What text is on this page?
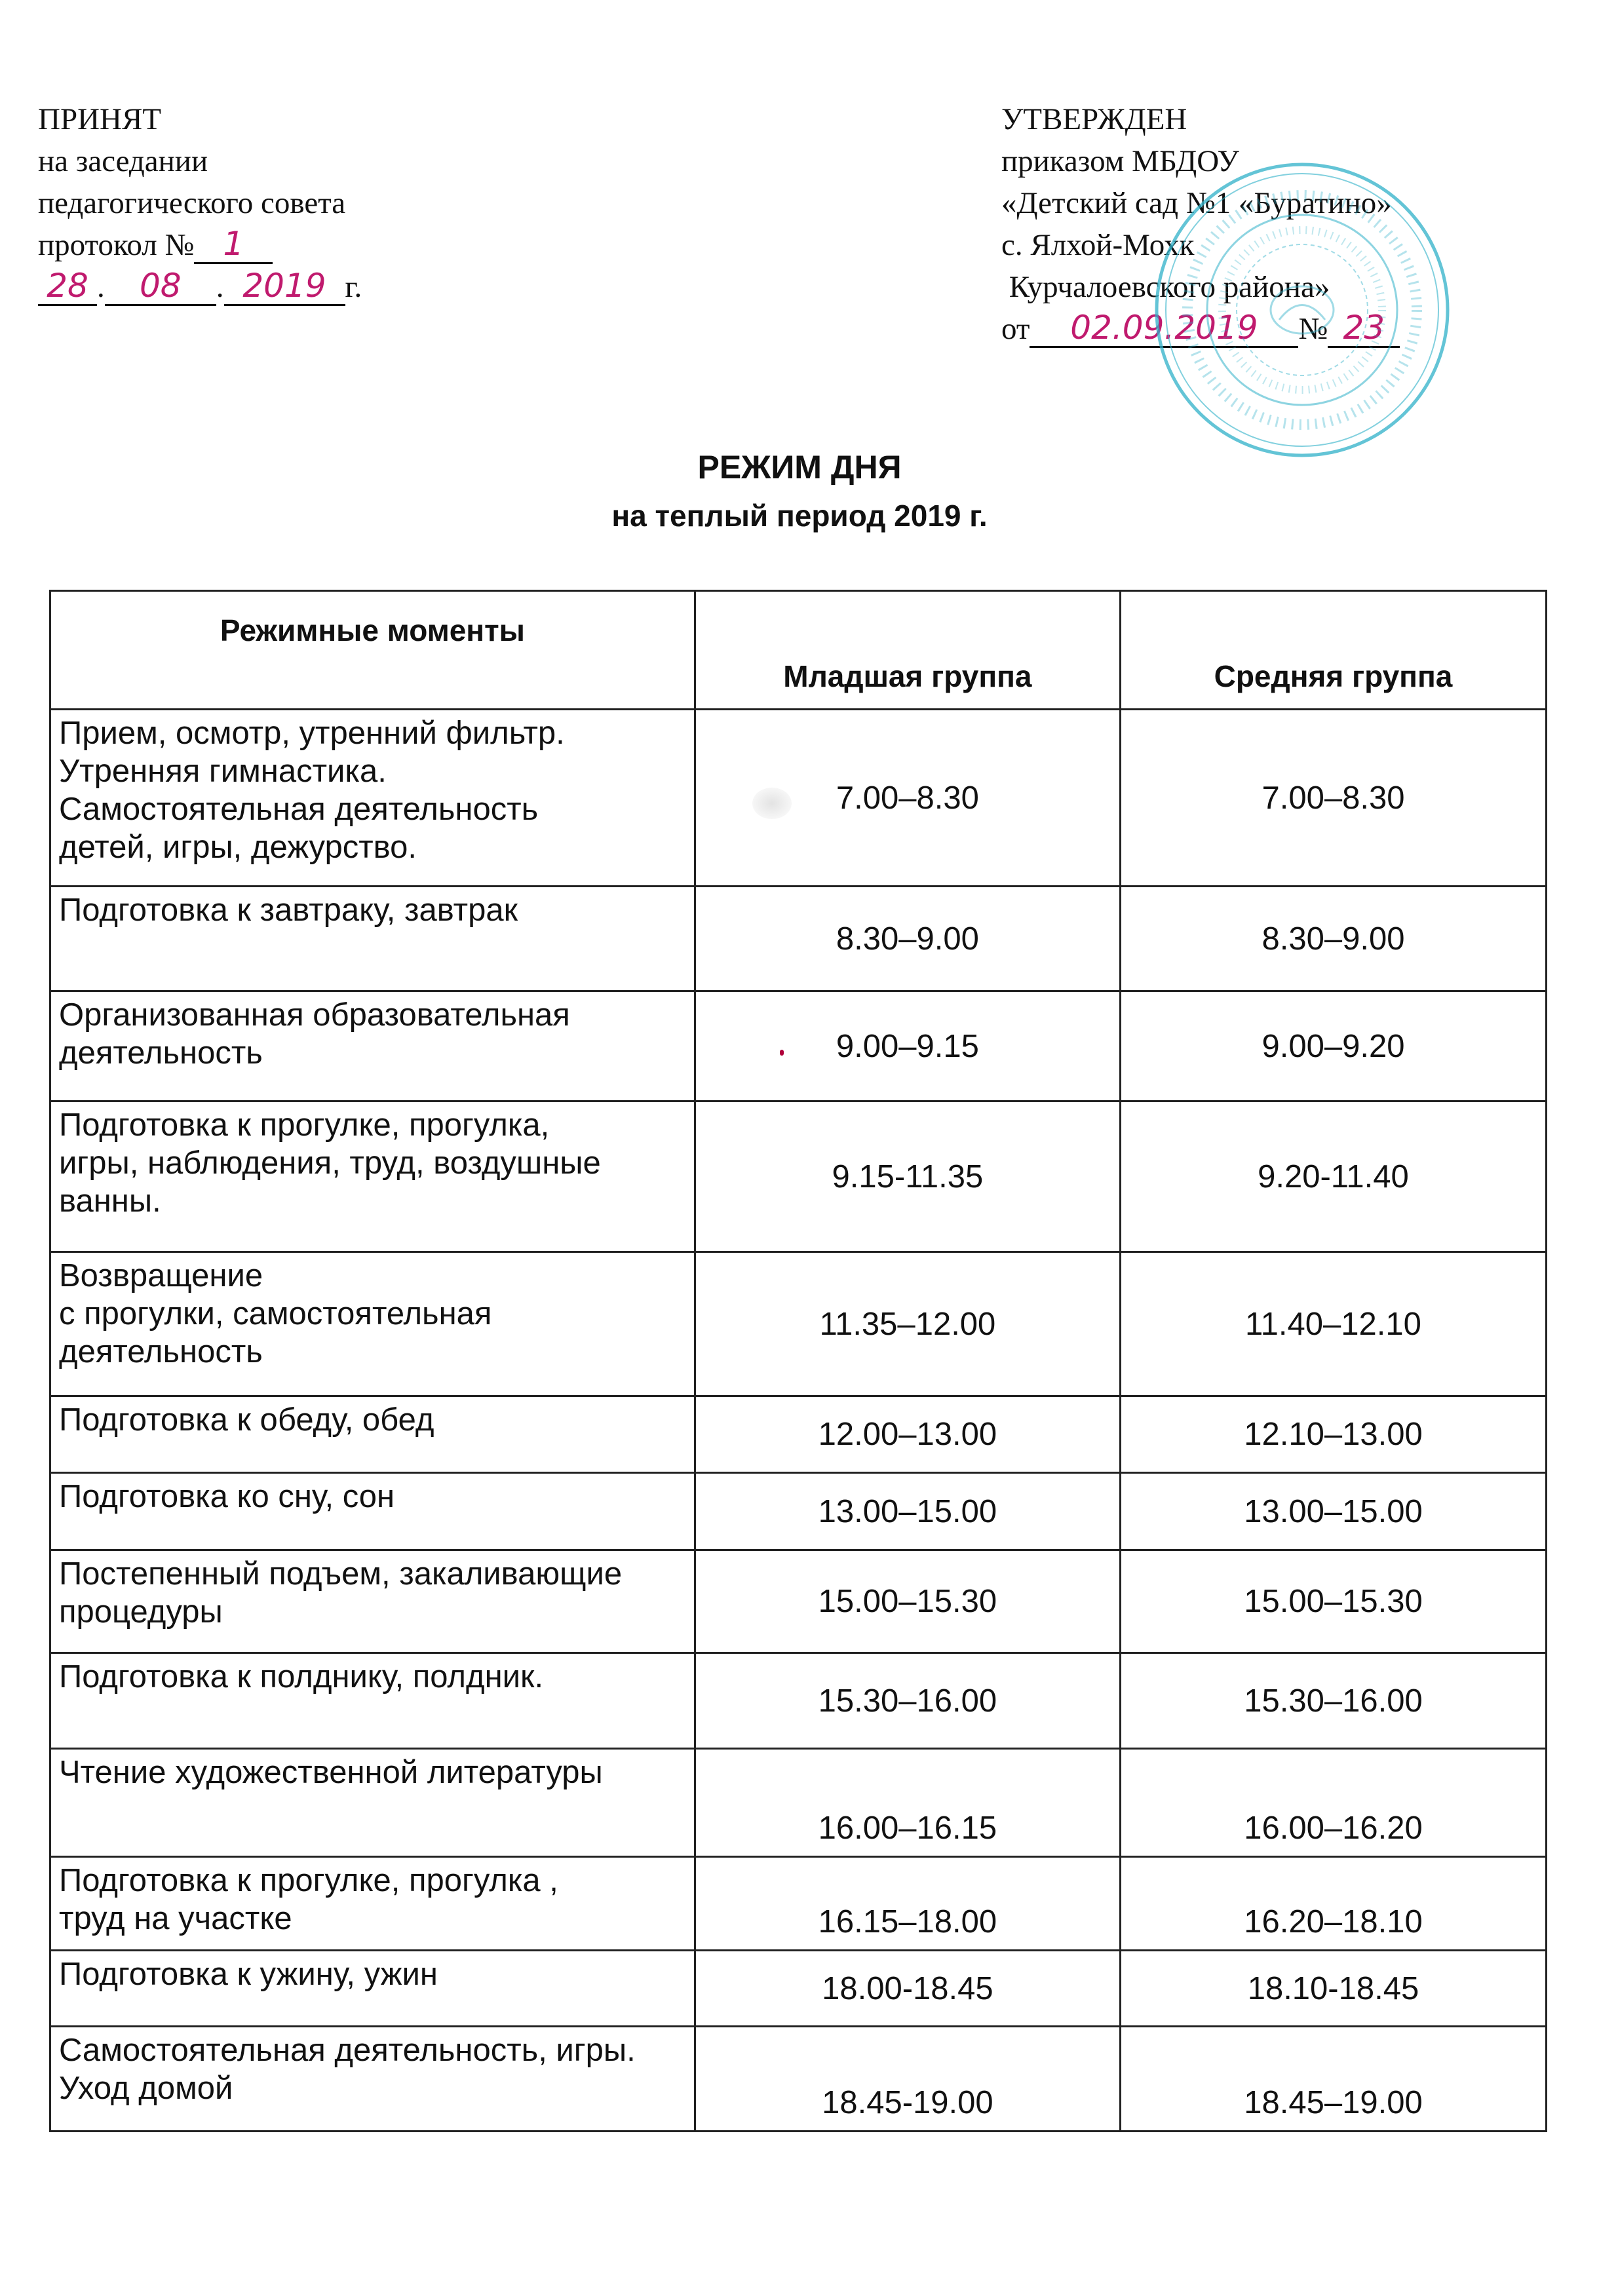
ПРИНЯТ
на заседании
педагогического совета
протокол № 1
28 . 08 . 2019 г.
УТВЕРЖДЕН
приказом МБДОУ
«Детский сад №1 «Буратино»
с. Ялхой-Мохк
Курчалоевского района»
от 02.09.2019 № 23
РЕЖИМ ДНЯ
на теплый период 2019 г.
Режимные моменты	Младшая группа	Средняя группа
Прием, осмотр, утренний фильтр.
Утренняя гимнастика.
Самостоятельная деятельность
детей, игры, дежурство.	7.00–8.30	7.00–8.30
Подготовка к завтраку, завтрак	8.30–9.00	8.30–9.00
Организованная образовательная
деятельность	9.00–9.15	9.00–9.20
Подготовка к прогулке, прогулка,
игры, наблюдения, труд, воздушные
ванны.	9.15-11.35	9.20-11.40
Возвращение
с прогулки, самостоятельная
деятельность	11.35–12.00	11.40–12.10
Подготовка к обеду, обед	12.00–13.00	12.10–13.00
Подготовка ко сну, сон	13.00–15.00	13.00–15.00
Постепенный подъем, закаливающие
процедуры	15.00–15.30	15.00–15.30
Подготовка к полднику, полдник.	15.30–16.00	15.30–16.00
Чтение художественной литературы	16.00–16.15	16.00–16.20
Подготовка к прогулке, прогулка ,
труд на участке	16.15–18.00	16.20–18.10
Подготовка к ужину, ужин	18.00-18.45	18.10-18.45
Самостоятельная деятельность, игры.
Уход домой	18.45-19.00	18.45–19.00
